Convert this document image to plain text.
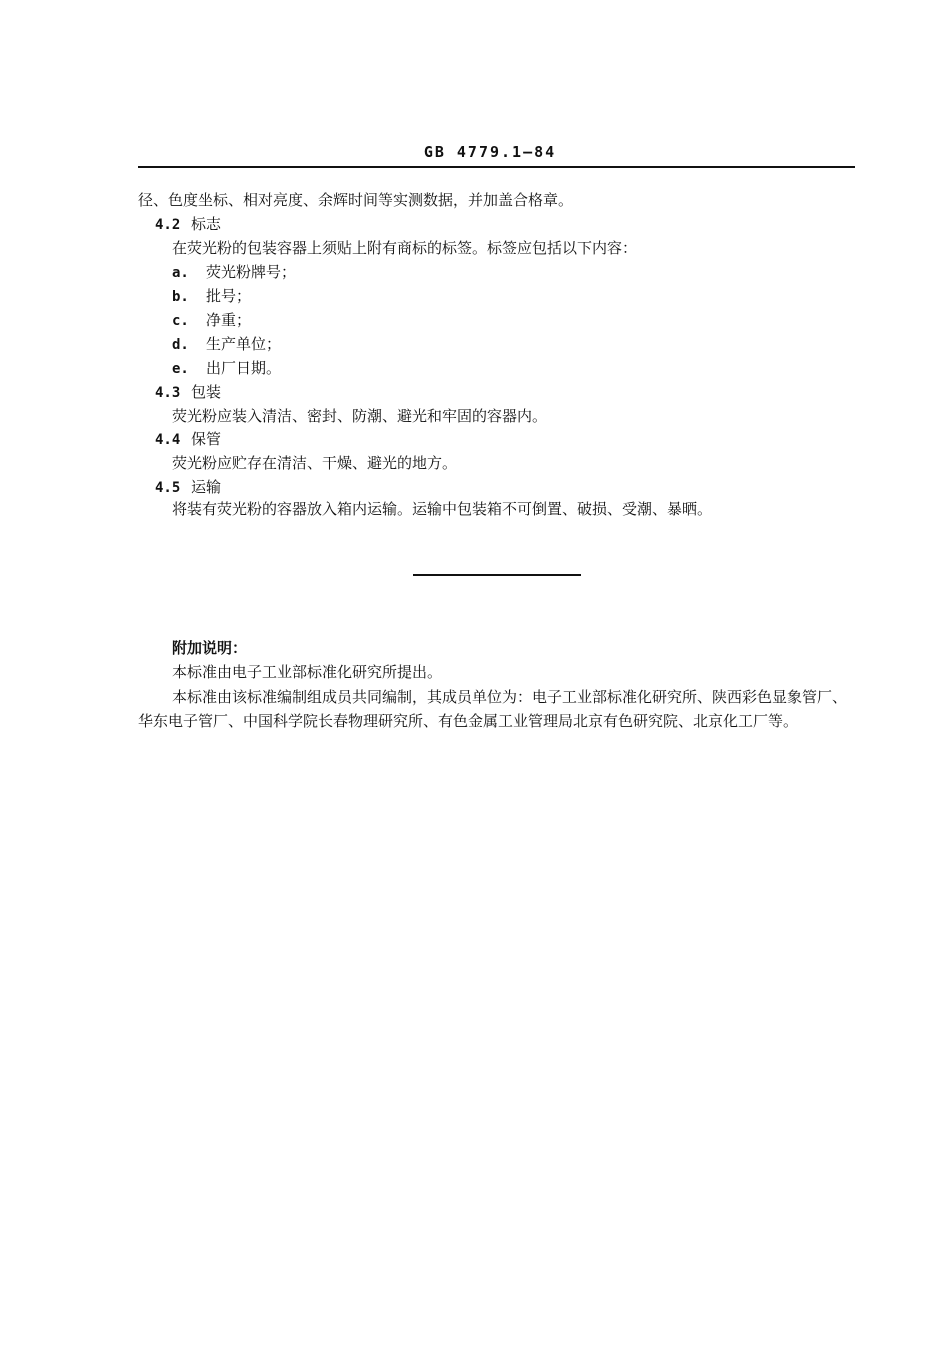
GB 4779.1—84
径、色度坐标、相对亮度、余辉时间等实测数据，并加盖合格章。
4.2 标志
在荧光粉的包装容器上须贴上附有商标的标签。标签应包括以下内容：
a. 荧光粉牌号；
b. 批号；
c. 净重；
d. 生产单位；
e. 出厂日期。
4.3 包装
荧光粉应装入清洁、密封、防潮、避光和牢固的容器内。
4.4 保管
荧光粉应贮存在清洁、干燥、避光的地方。
4.5 运输
将装有荧光粉的容器放入箱内运输。运输中包装箱不可倒置、破损、受潮、暴晒。
附加说明：
本标准由电子工业部标准化研究所提出。
本标准由该标准编制组成员共同编制，其成员单位为：电子工业部标准化研究所、陕西彩色显象管厂、华东电子管厂、中国科学院长春物理研究所、有色金属工业管理局北京有色研究院、北京化工厂等。
